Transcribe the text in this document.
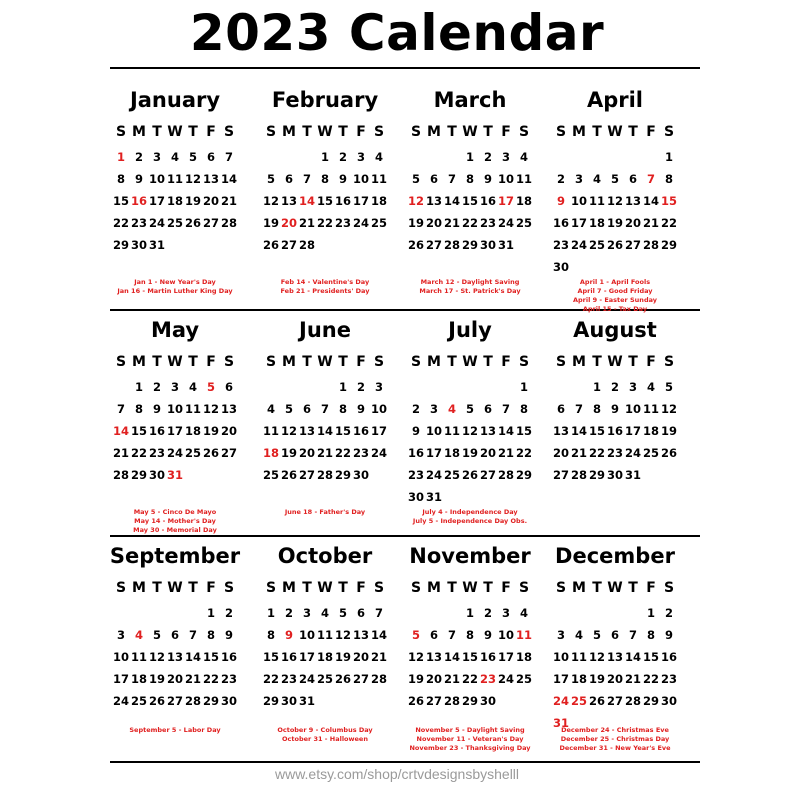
2023 Calendar
January
S M T W T F S
1 2 3 4 5 6 7
8 9 10 11 12 13 14
15 16 17 18 19 20 21
22 23 24 25 26 27 28
29 30 31
Jan 1 - New Year's Day
Jan 16 - Martin Luther King Day
February
S M T W T F S
1 2 3 4
5 6 7 8 9 10 11
12 13 14 15 16 17 18
19 20 21 22 23 24 25
26 27 28
Feb 14 - Valentine's Day
Feb 21 - Presidents' Day
March
S M T W T F S
1 2 3 4
5 6 7 8 9 10 11
12 13 14 15 16 17 18
19 20 21 22 23 24 25
26 27 28 29 30 31
March 12 - Daylight Saving
March 17 - St. Patrick's Day
April
S M T W T F S
1
2 3 4 5 6 7 8
9 10 11 12 13 14 15
16 17 18 19 20 21 22
23 24 25 26 27 28 29
30
April 1 - April Fools
April 7 - Good Friday
April 9 - Easter Sunday
April 15 - Tax Day
May
S M T W T F S
1 2 3 4 5 6
7 8 9 10 11 12 13
14 15 16 17 18 19 20
21 22 23 24 25 26 27
28 29 30 31
May 5 - Cinco De Mayo
May 14 - Mother's Day
May 30 - Memorial Day
June
S M T W T F S
1 2 3
4 5 6 7 8 9 10
11 12 13 14 15 16 17
18 19 20 21 22 23 24
25 26 27 28 29 30
June 18 - Father's Day
July
S M T W T F S
1
2 3 4 5 6 7 8
9 10 11 12 13 14 15
16 17 18 19 20 21 22
23 24 25 26 27 28 29
30 31
July 4 - Independence Day
July 5 - Independence Day Obs.
August
S M T W T F S
1 2 3 4 5
6 7 8 9 10 11 12
13 14 15 16 17 18 19
20 21 22 23 24 25 26
27 28 29 30 31
September
S M T W T F S
1 2
3 4 5 6 7 8 9
10 11 12 13 14 15 16
17 18 19 20 21 22 23
24 25 26 27 28 29 30
September 5 - Labor Day
October
S M T W T F S
1 2 3 4 5 6 7
8 9 10 11 12 13 14
15 16 17 18 19 20 21
22 23 24 25 26 27 28
29 30 31
October 9 - Columbus Day
October 31 - Halloween
November
S M T W T F S
1 2 3 4
5 6 7 8 9 10 11
12 13 14 15 16 17 18
19 20 21 22 23 24 25
26 27 28 29 30
November 5 - Daylight Saving
November 11 - Veteran's Day
November 23 - Thanksgiving Day
December
S M T W T F S
1 2
3 4 5 6 7 8 9
10 11 12 13 14 15 16
17 18 19 20 21 22 23
24 25 26 27 28 29 30
31
December 24 - Christmas Eve
December 25 - Christmas Day
December 31 - New Year's Eve
www.etsy.com/shop/crtvdesignsbyshelll
